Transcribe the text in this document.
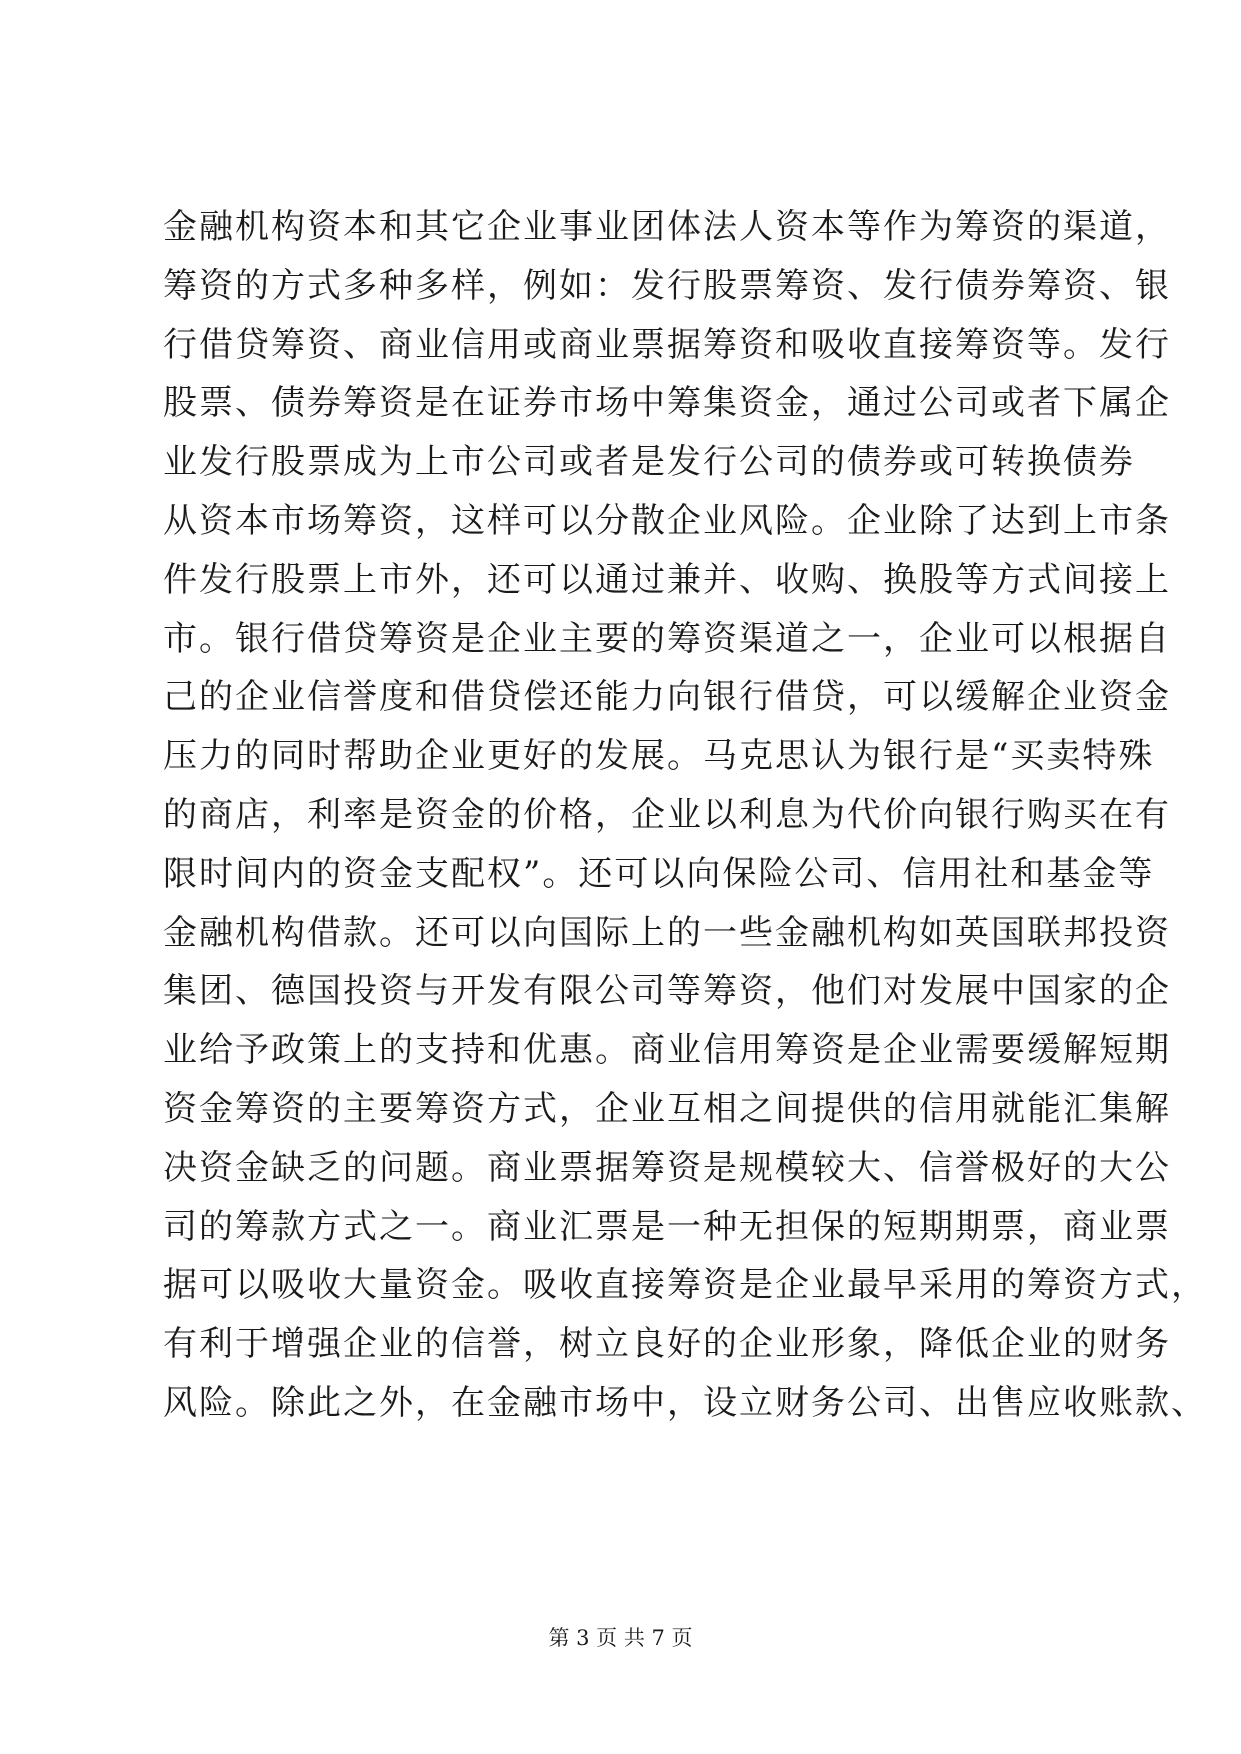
金融机构资本和其它企业事业团体法人资本等作为筹资的渠道，
筹资的方式多种多样，例如：发行股票筹资、发行债券筹资、银
行借贷筹资、商业信用或商业票据筹资和吸收直接筹资等。发行
股票、债券筹资是在证券市场中筹集资金，通过公司或者下属企
业发行股票成为上市公司或者是发行公司的债券或可转换债券
从资本市场筹资，这样可以分散企业风险。企业除了达到上市条
件发行股票上市外，还可以通过兼并、收购、换股等方式间接上
市。银行借贷筹资是企业主要的筹资渠道之一，企业可以根据自
己的企业信誉度和借贷偿还能力向银行借贷，可以缓解企业资金
压力的同时帮助企业更好的发展。马克思认为银行是“买卖特殊
的商店，利率是资金的价格，企业以利息为代价向银行购买在有
限时间内的资金支配权”。还可以向保险公司、信用社和基金等
金融机构借款。还可以向国际上的一些金融机构如英国联邦投资
集团、德国投资与开发有限公司等筹资，他们对发展中国家的企
业给予政策上的支持和优惠。商业信用筹资是企业需要缓解短期
资金筹资的主要筹资方式，企业互相之间提供的信用就能汇集解
决资金缺乏的问题。商业票据筹资是规模较大、信誉极好的大公
司的筹款方式之一。商业汇票是一种无担保的短期期票，商业票
据可以吸收大量资金。吸收直接筹资是企业最早采用的筹资方式，
有利于增强企业的信誉，树立良好的企业形象，降低企业的财务
风险。除此之外，在金融市场中，设立财务公司、出售应收账款、
第 3 页 共 7 页
